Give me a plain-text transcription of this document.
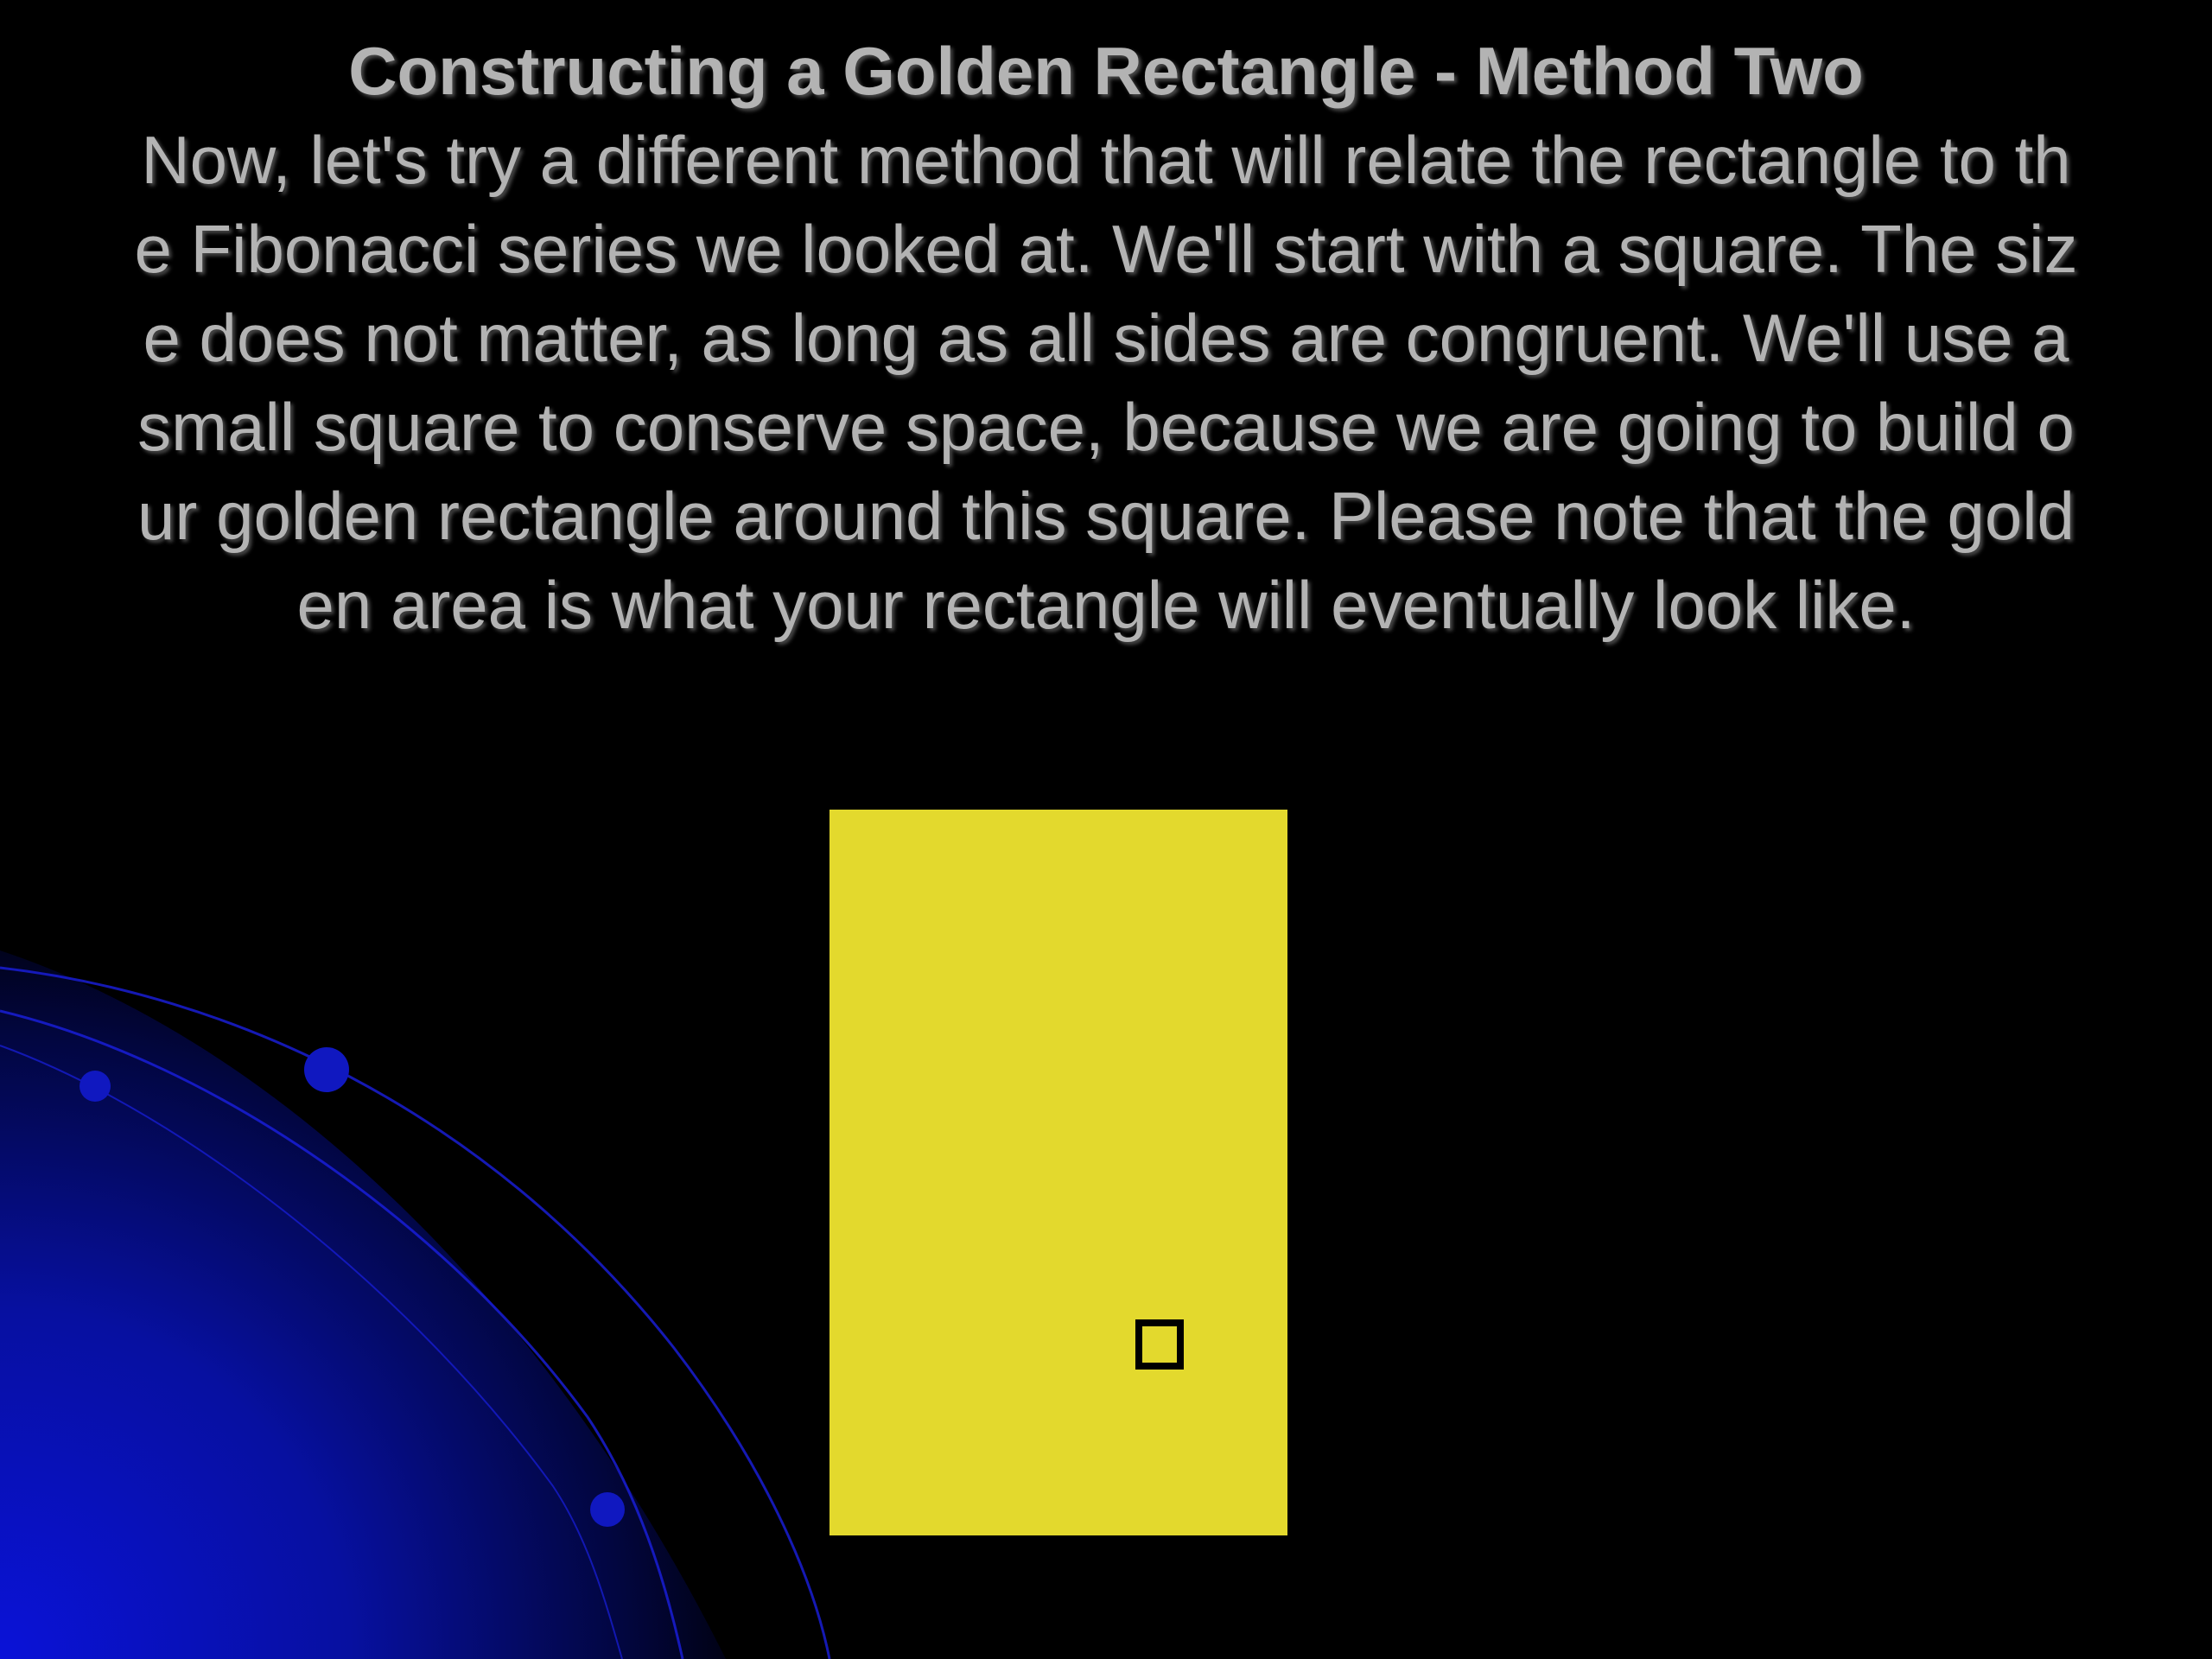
Constructing a Golden Rectangle - Method Two
Now, let's try a different method that will relate the rectangle to the Fibonacci series we looked at. We'll start with a square. The size does not matter, as long as all sides are congruent. We'll use a small square to conserve space, because we are going to build our golden rectangle around this square. Please note that the golden area is what your rectangle will eventually look like.
